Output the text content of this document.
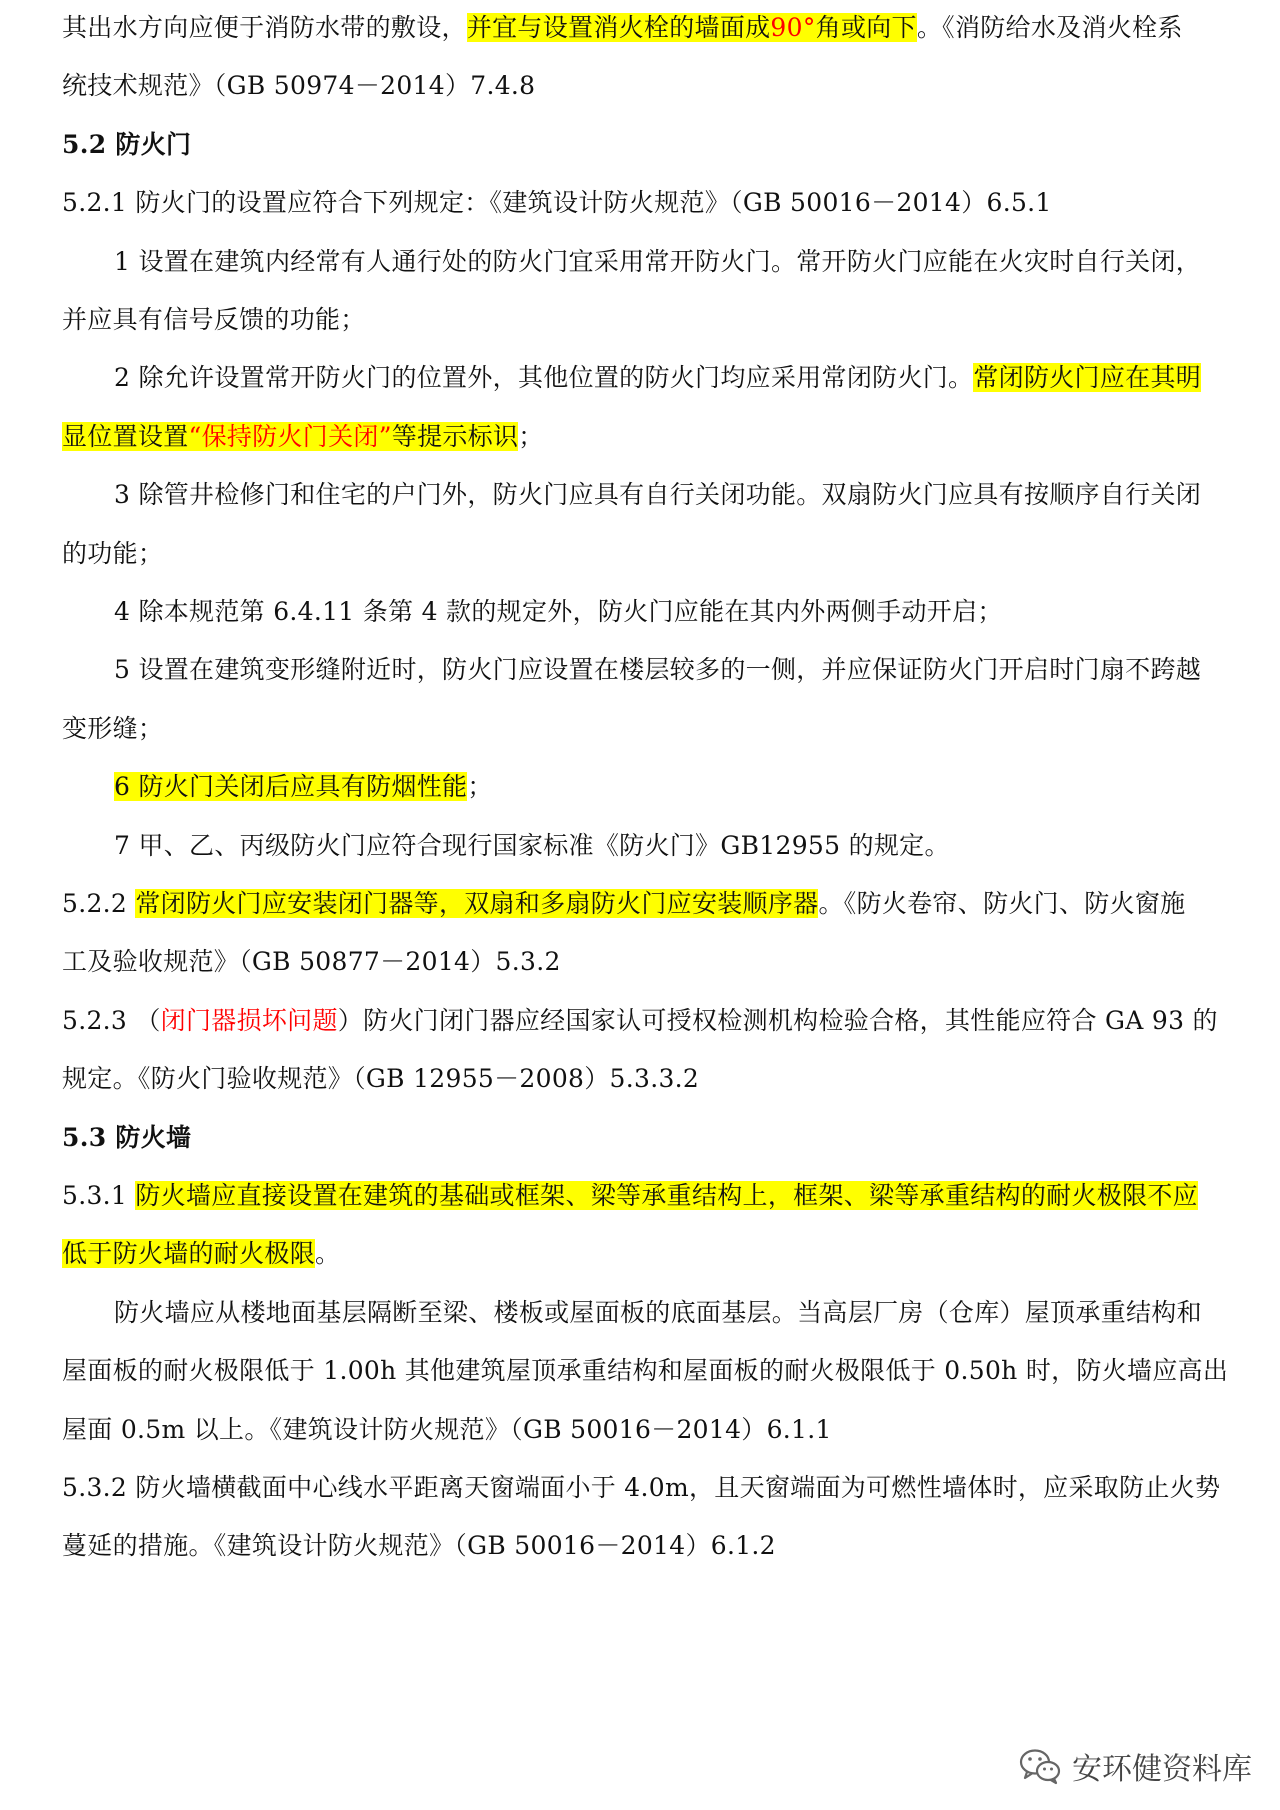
其出水方向应便于消防水带的敷设，并宜与设置消火栓的墙面成90°角或向下。《消防给水及消火栓系
统技术规范》（GB 50974－2014）7.4.8
5.2 防火门
5.2.1 防火门的设置应符合下列规定：《建筑设计防火规范》（GB 50016－2014）6.5.1
1 设置在建筑内经常有人通行处的防火门宜采用常开防火门。常开防火门应能在火灾时自行关闭，
并应具有信号反馈的功能；
2 除允许设置常开防火门的位置外，其他位置的防火门均应采用常闭防火门。常闭防火门应在其明
显位置设置“保持防火门关闭”等提示标识；
3 除管井检修门和住宅的户门外，防火门应具有自行关闭功能。双扇防火门应具有按顺序自行关闭
的功能；
4 除本规范第 6.4.11 条第 4 款的规定外，防火门应能在其内外两侧手动开启；
5 设置在建筑变形缝附近时，防火门应设置在楼层较多的一侧，并应保证防火门开启时门扇不跨越
变形缝；
6 防火门关闭后应具有防烟性能；
7 甲、乙、丙级防火门应符合现行国家标准《防火门》GB12955 的规定。
5.2.2 常闭防火门应安装闭门器等，双扇和多扇防火门应安装顺序器。《防火卷帘、防火门、防火窗施
工及验收规范》（GB 50877－2014）5.3.2
5.2.3 （闭门器损坏问题）防火门闭门器应经国家认可授权检测机构检验合格，其性能应符合 GA 93 的
规定。《防火门验收规范》（GB 12955－2008）5.3.3.2
5.3 防火墙
5.3.1 防火墙应直接设置在建筑的基础或框架、梁等承重结构上，框架、梁等承重结构的耐火极限不应
低于防火墙的耐火极限。
防火墙应从楼地面基层隔断至梁、楼板或屋面板的底面基层。当高层厂房（仓库）屋顶承重结构和
屋面板的耐火极限低于 1.00h 其他建筑屋顶承重结构和屋面板的耐火极限低于 0.50h 时，防火墙应高出
屋面 0.5m 以上。《建筑设计防火规范》（GB 50016－2014）6.1.1
5.3.2 防火墙横截面中心线水平距离天窗端面小于 4.0m，且天窗端面为可燃性墙体时，应采取防止火势
蔓延的措施。《建筑设计防火规范》（GB 50016－2014）6.1.2
安环健资料库
